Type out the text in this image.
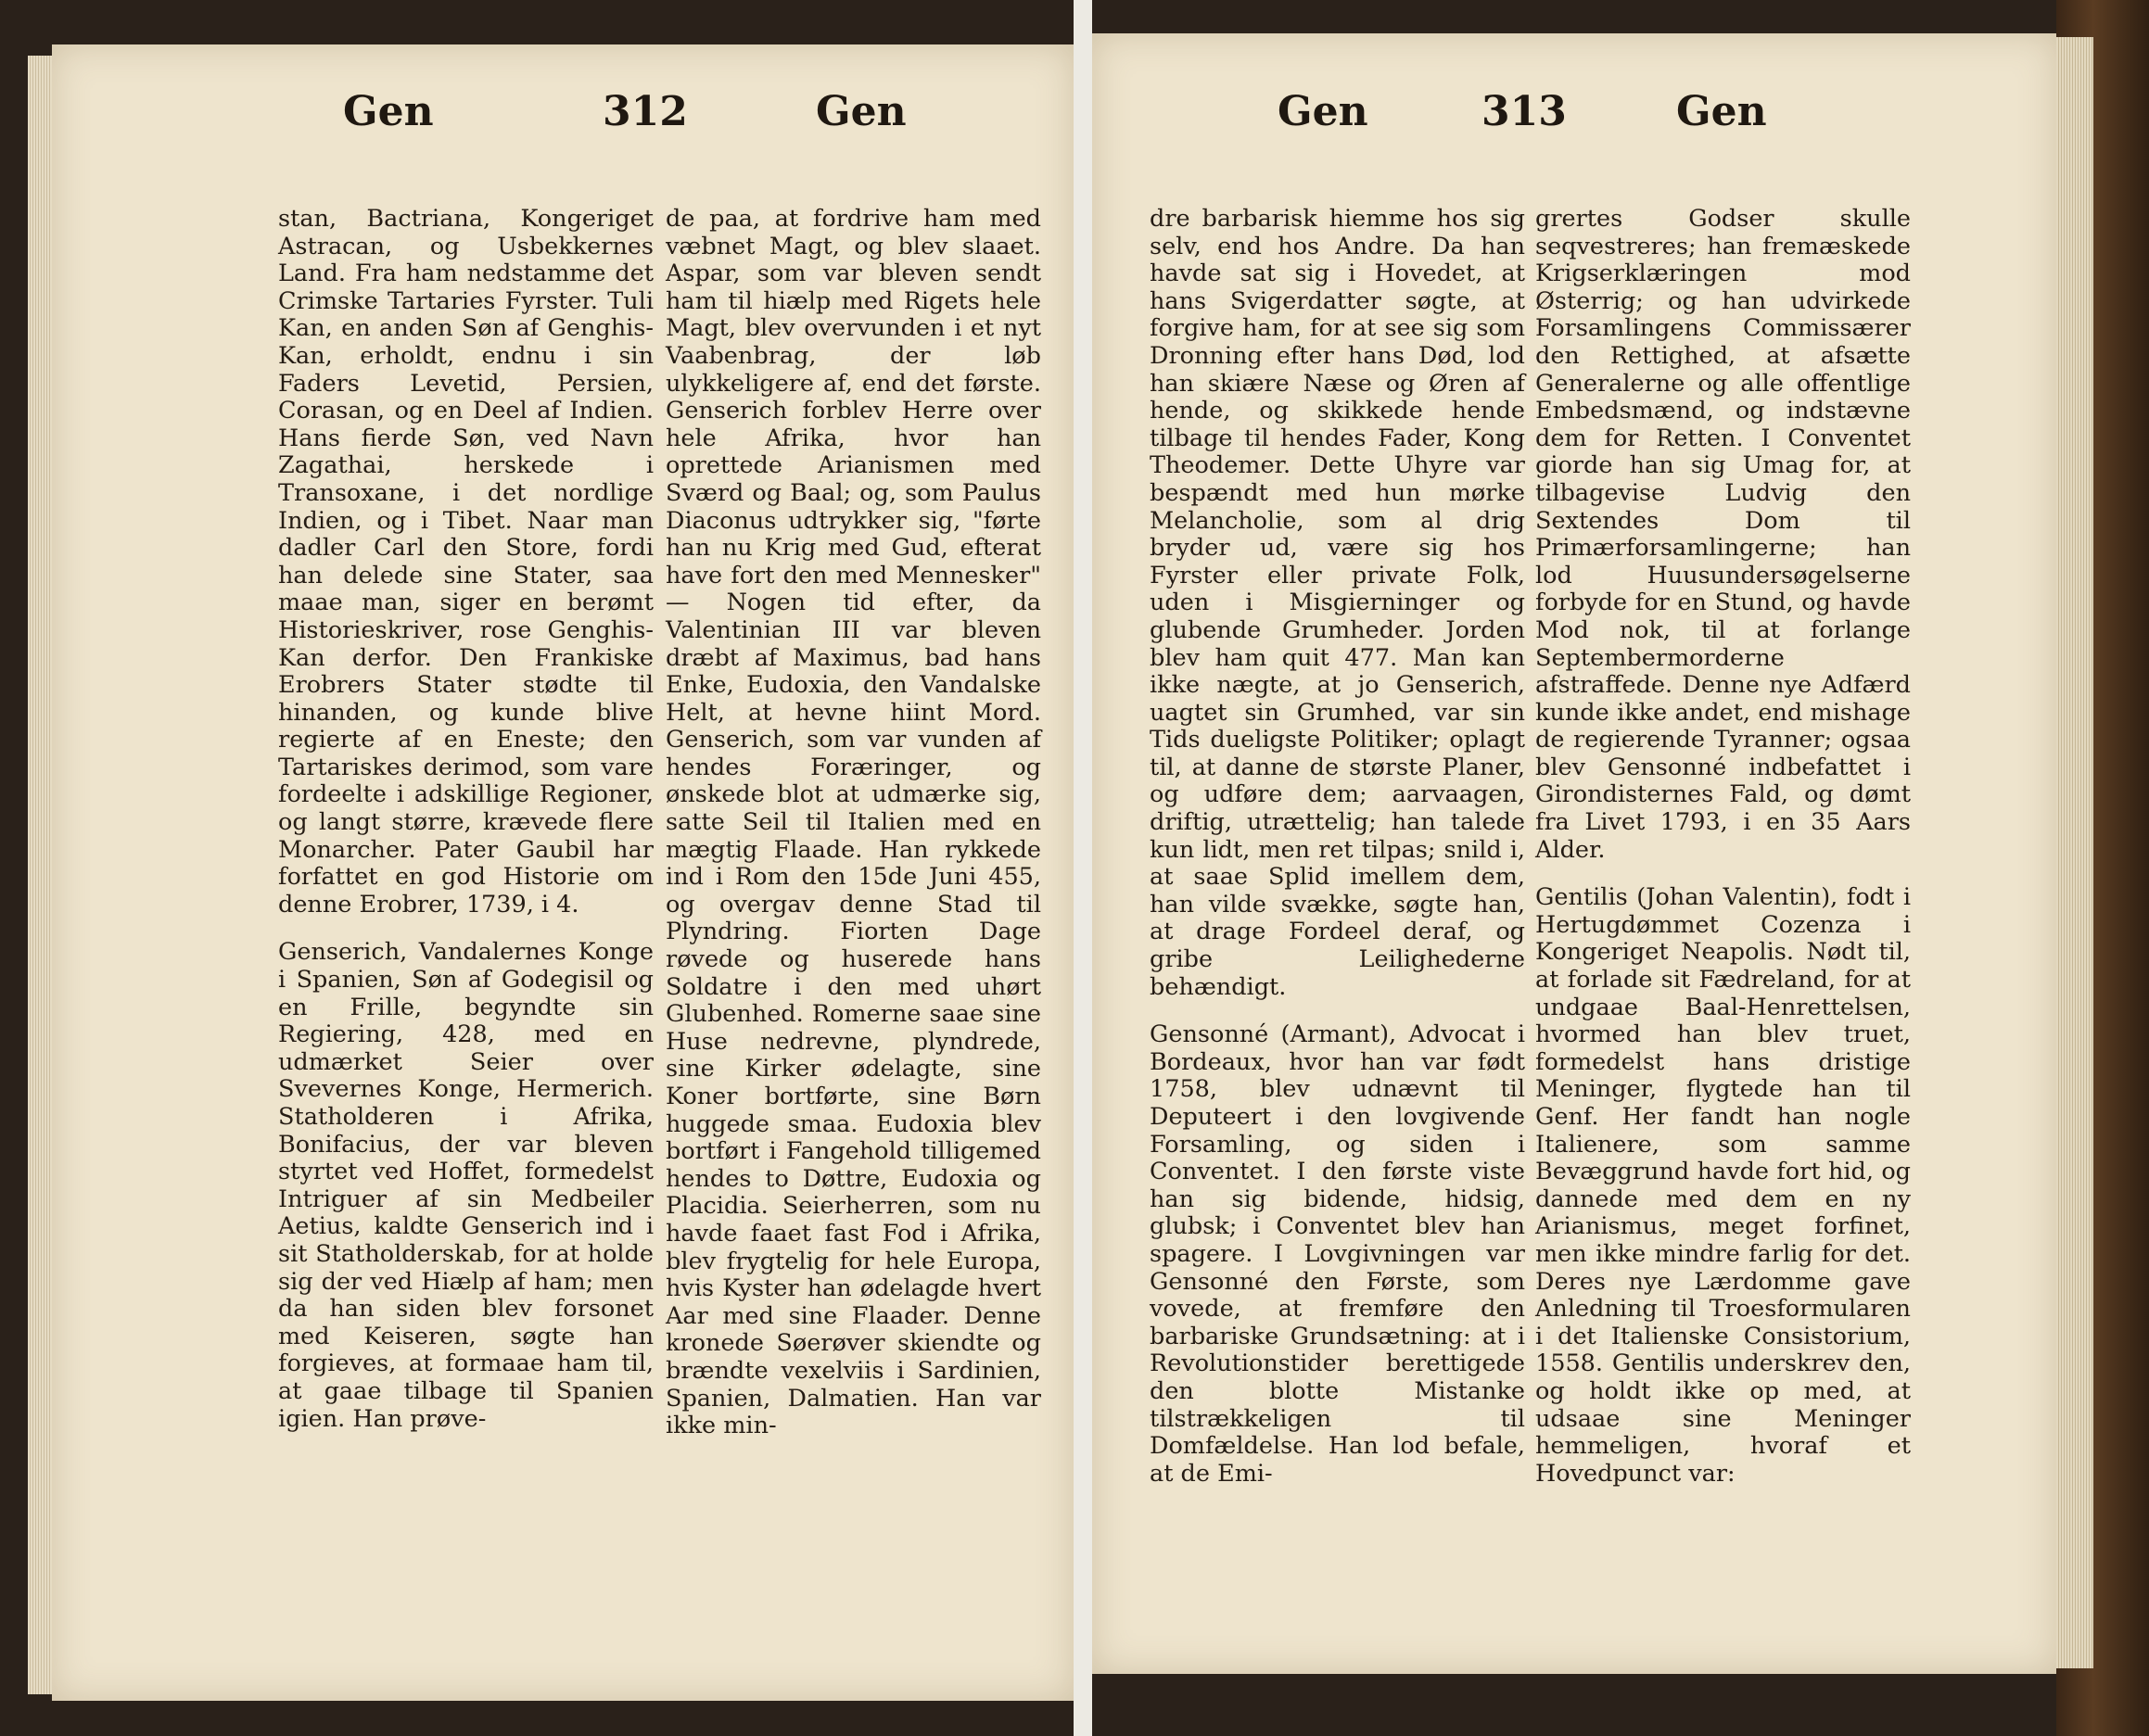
Gen	312	Gen

stan, Bactriana, Kongeriget Astracan, og Usbekkernes Land. Fra ham nedstamme det Crimske Tartaries Fyrster. Tuli Kan, en anden Søn af Genghis-Kan, erholdt, endnu i sin Faders Levetid, Persien, Corasan, og en Deel af Indien. Hans fierde Søn, ved Navn Zagathai, herskede i Transoxane, i det nordlige Indien, og i Tibet. Naar man dadler Carl den Store, fordi han delede sine Stater, saa maae man, siger en berømt Historieskriver, rose Genghis-Kan derfor. Den Frankiske Erobrers Stater stødte til hinanden, og kunde blive regierte af en Eneste; den Tartariskes derimod, som vare fordeelte i adskillige Regioner, og langt større, krævede flere Monarcher. Pater Gaubil har forfattet en god Historie om denne Erobrer, 1739, i 4.

Genserich, Vandalernes Konge i Spanien, Søn af Godegisil og en Frille, begyndte sin Regiering, 428, med en udmærket Seier over Svevernes Konge, Hermerich. Statholderen i Afrika, Bonifacius, der var bleven styrtet ved Hoffet, formedelst Intriguer af sin Medbeiler Aetius, kaldte Genserich ind i sit Statholderskab, for at holde sig der ved Hiælp af ham; men da han siden blev forsonet med Keiseren, søgte han forgieves, at formaae ham til, at gaae tilbage til Spanien igien. Han prøve-

de paa, at fordrive ham med væbnet Magt, og blev slaaet. Aspar, som var bleven sendt ham til hiælp med Rigets hele Magt, blev overvunden i et nyt Vaabenbrag, der løb ulykkeligere af, end det første. Genserich forblev Herre over hele Afrika, hvor han oprettede Arianismen med Sværd og Baal; og, som Paulus Diaconus udtrykker sig, "førte han nu Krig med Gud, efterat have fort den med Mennesker" — Nogen tid efter, da Valentinian III var bleven dræbt af Maximus, bad hans Enke, Eudoxia, den Vandalske Helt, at hevne hiint Mord. Genserich, som var vunden af hendes Foræringer, og ønskede blot at udmærke sig, satte Seil til Italien med en mægtig Flaade. Han rykkede ind i Rom den 15de Juni 455, og overgav denne Stad til Plyndring. Fiorten Dage røvede og huserede hans Soldatre i den med uhørt Glubenhed. Romerne saae sine Huse nedrevne, plyndrede, sine Kirker ødelagte, sine Koner bortførte, sine Børn huggede smaa. Eudoxia blev bortført i Fangehold tilligemed hendes to Døttre, Eudoxia og Placidia. Seierherren, som nu havde faaet fast Fod i Afrika, blev frygtelig for hele Europa, hvis Kyster han ødelagde hvert Aar med sine Flaader. Denne kronede Søerøver skiendte og brændte vexelviis i Sardinien, Spanien, Dalmatien. Han var ikke min-

Gen	313	Gen

dre barbarisk hiemme hos sig selv, end hos Andre. Da han havde sat sig i Hovedet, at hans Svigerdatter søgte, at forgive ham, for at see sig som Dronning efter hans Død, lod han skiære Næse og Øren af hende, og skikkede hende tilbage til hendes Fader, Kong Theodemer. Dette Uhyre var bespændt med hun mørke Melancholie, som al drig bryder ud, være sig hos Fyrster eller private Folk, uden i Misgierninger og glubende Grumheder. Jorden blev ham quit 477. Man kan ikke nægte, at jo Genserich, uagtet sin Grumhed, var sin Tids dueligste Politiker; oplagt til, at danne de største Planer, og udføre dem; aarvaagen, driftig, utrættelig; han talede kun lidt, men ret tilpas; snild i, at saae Splid imellem dem, han vilde svække, søgte han, at drage Fordeel deraf, og gribe Leilighederne behændigt.

Gensonné (Armant), Advocat i Bordeaux, hvor han var født 1758, blev udnævnt til Deputeert i den lovgivende Forsamling, og siden i Conventet. I den første viste han sig bidende, hidsig, glubsk; i Conventet blev han spagere. I Lovgivningen var Gensonné den Første, som vovede, at fremføre den barbariske Grundsætning: at i Revolutionstider berettigede den blotte Mistanke tilstrækkeligen til Domfældelse. Han lod befale, at de Emi-

grertes Godser skulle seqvestreres; han fremæskede Krigserklæringen mod Østerrig; og han udvirkede Forsamlingens Commissærer den Rettighed, at afsætte Generalerne og alle offentlige Embedsmænd, og indstævne dem for Retten. I Conventet giorde han sig Umag for, at tilbagevise Ludvig den Sextendes Dom til Primærforsamlingerne; han lod Huusundersøgelserne forbyde for en Stund, og havde Mod nok, til at forlange Septembermorderne afstraffede. Denne nye Adfærd kunde ikke andet, end mishage de regierende Tyranner; ogsaa blev Gensonné indbefattet i Girondisternes Fald, og dømt fra Livet 1793, i en 35 Aars Alder.

Gentilis (Johan Valentin), fodt i Hertugdømmet Cozenza i Kongeriget Neapolis. Nødt til, at forlade sit Fædreland, for at undgaae Baal-Henrettelsen, hvormed han blev truet, formedelst hans dristige Meninger, flygtede han til Genf. Her fandt han nogle Italienere, som samme Bevæggrund havde fort hid, og dannede med dem en ny Arianismus, meget forfinet, men ikke mindre farlig for det. Deres nye Lærdomme gave Anledning til Troesformularen i det Italienske Consistorium, 1558. Gentilis underskrev den, og holdt ikke op med, at udsaae sine Meninger hemmeligen, hvoraf et Hovedpunct var:
